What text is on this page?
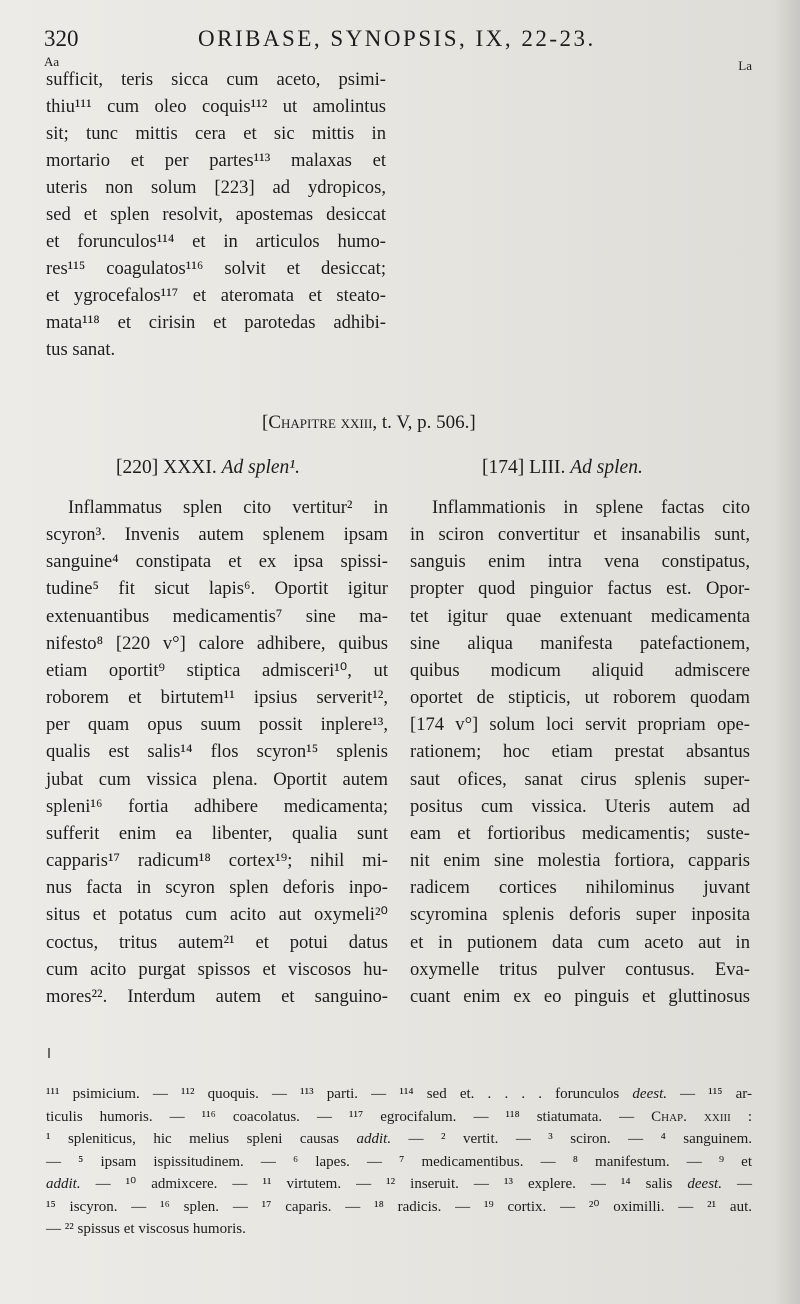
320	ORIBASE, SYNOPSIS, IX, 22-23.
Aa	La
sufficit, teris sicca cum aceto, psimi-
thiu¹¹¹ cum oleo coquis¹¹² ut amolintus
sit; tunc mittis cera et sic mittis in
mortario et per partes¹¹³ malaxas et
uteris non solum [223] ad ydropicos,
sed et splen resolvit, apostemas desiccat
et forunculos¹¹⁴ et in articulos humo-
res¹¹⁵ coagulatos¹¹⁶ solvit et desiccat;
et ygrocefalos¹¹⁷ et ateromata et steato-
mata¹¹⁸ et cirisin et parotedas adhibi-
tus sanat.
[Chapitre xxiii, t. V, p. 506.]
[220] XXXI. Ad splen¹.	[174] LIII. Ad splen.
Inflammatus splen cito vertitur² in
scyron³. Invenis autem splenem ipsam
sanguine⁴ constipata et ex ipsa spissi-
tudine⁵ fit sicut lapis⁶. Oportit igitur
extenuantibus medicamentis⁷ sine ma-
nifesto⁸ [220 v°] calore adhibere, quibus
etiam oportit⁹ stiptica admisceri¹⁰, ut
roborem et birtutem¹¹ ipsius serverit¹²,
per quam opus suum possit inplere¹³,
qualis est salis¹⁴ flos scyron¹⁵ splenis
jubat cum vissica plena. Oportit autem
spleni¹⁶ fortia adhibere medicamenta;
sufferit enim ea libenter, qualia sunt
capparis¹⁷ radicum¹⁸ cortex¹⁹; nihil mi-
nus facta in scyron splen deforis inpo-
situs et potatus cum acito aut oxymeli²⁰
coctus, tritus autem²¹ et potui datus
cum acito purgat spissos et viscosos hu-
mores²². Interdum autem et sanguino-
Inflammationis in splene factas cito
in sciron convertitur et insanabilis sunt,
sanguis enim intra vena constipatus,
propter quod pinguior factus est. Opor-
tet igitur quae extenuant medicamenta
sine aliqua manifesta patefactionem,
quibus modicum aliquid admiscere
oportet de stipticis, ut roborem quodam
[174 v°] solum loci servit propriam ope-
rationem; hoc etiam prestat absantus
saut ofices, sanat cirus splenis super-
positus cum vissica. Uteris autem ad
eam et fortioribus medicamentis; suste-
nit enim sine molestia fortiora, capparis
radicem cortices nihilominus juvant
scyromina splenis deforis super inposita
et in putionem data cum aceto aut in
oxymelle tritus pulver contusus. Eva-
cuant enim ex eo pinguis et gluttinosus
¹¹¹ psimicium. — ¹¹² quoquis. — ¹¹³ parti. — ¹¹⁴ sed et. . . . . forunculos deest. — ¹¹⁵ ar-
ticulis humoris. — ¹¹⁶ coacolatus. — ¹¹⁷ egrocifalum. — ¹¹⁸ stiatumata. — Chap. xxiii :
¹ spleniticus, hic melius spleni causas addit. — ² vertit. — ³ sciron. — ⁴ sanguinem.
— ⁵ ipsam ispissitudinem. — ⁶ lapes. — ⁷ medicamentibus. — ⁸ manifestum. — ⁹ et
addit. — ¹⁰ admixcere. — ¹¹ virtutem. — ¹² inseruit. — ¹³ explere. — ¹⁴ salis deest. —
¹⁵ iscyron. — ¹⁶ splen. — ¹⁷ caparis. — ¹⁸ radicis. — ¹⁹ cortix. — ²⁰ oximilli. — ²¹ aut.
— ²² spissus et viscosus humoris.
